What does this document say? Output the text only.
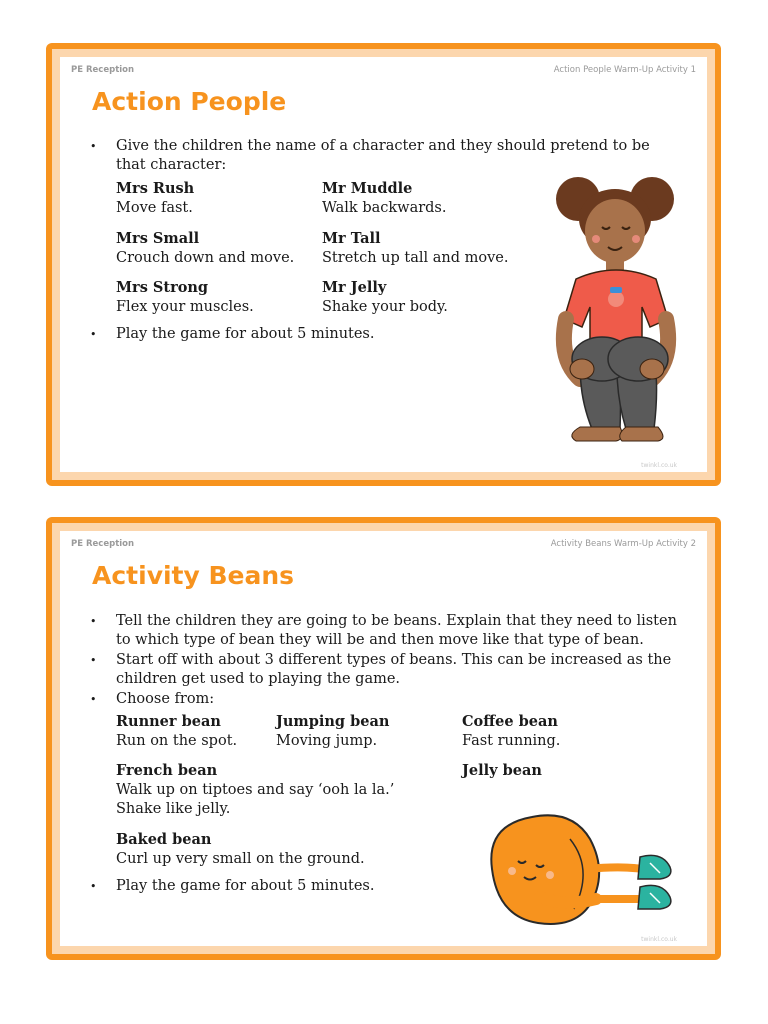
PE Reception	Action People Warm-Up Activity 1
Action People
• Give the children the name of a character and they should pretend to be that character:
Mrs Rush
Move fast.
Mr Muddle
Walk backwards.
Mrs Small
Crouch down and move.
Mr Tall
Stretch up tall and move.
Mrs Strong
Flex your muscles.
Mr Jelly
Shake your body.
• Play the game for about 5 minutes.
twinkl.co.uk
PE Reception	Activity Beans Warm-Up Activity 2
Activity Beans
• Tell the children they are going to be beans. Explain that they need to listen to which type of bean they will be and then move like that type of bean.
• Start off with about 3 different types of beans. This can be increased as the children get used to playing the game.
• Choose from:
Runner bean
Run on the spot.
Jumping bean
Moving jump.
Coffee bean
Fast running.
French bean
Walk up on tiptoes and say ‘ooh la la.’
Jelly bean
Shake like jelly.
Baked bean
Curl up very small on the ground.
• Play the game for about 5 minutes.
twinkl.co.uk
